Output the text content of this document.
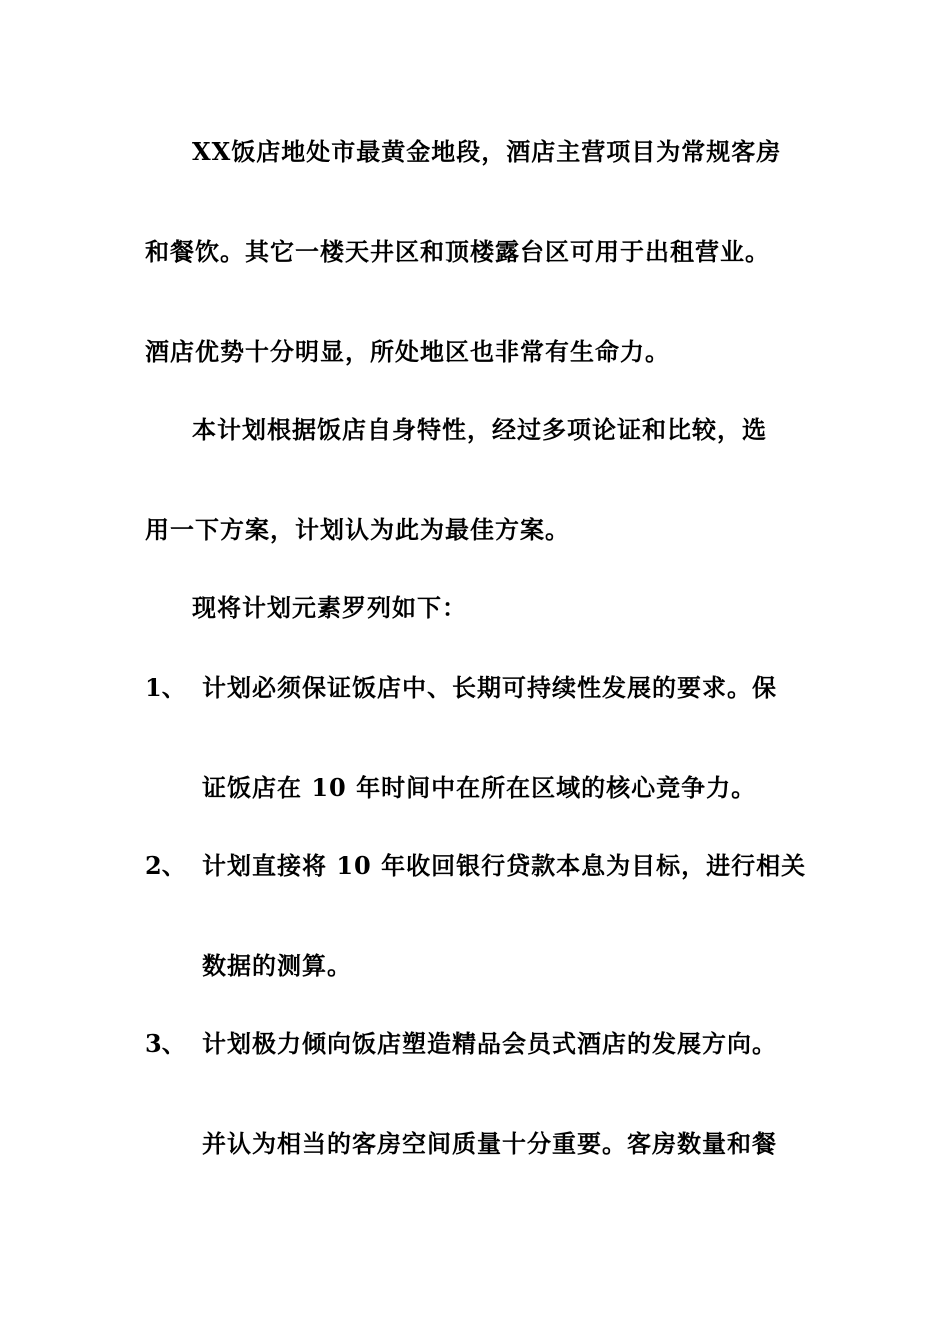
XX饭店地处市最黄金地段，酒店主营项目为常规客房
和餐饮。其它一楼天井区和顶楼露台区可用于出租营业。
酒店优势十分明显，所处地区也非常有生命力。
本计划根据饭店自身特性，经过多项论证和比较，选
用一下方案，计划认为此为最佳方案。
现将计划元素罗列如下：
1、 计划必须保证饭店中、长期可持续性发展的要求。保
证饭店在 10 年时间中在所在区域的核心竞争力。
2、 计划直接将 10 年收回银行贷款本息为目标，进行相关
数据的测算。
3、 计划极力倾向饭店塑造精品会员式酒店的发展方向。
并认为相当的客房空间质量十分重要。客房数量和餐
